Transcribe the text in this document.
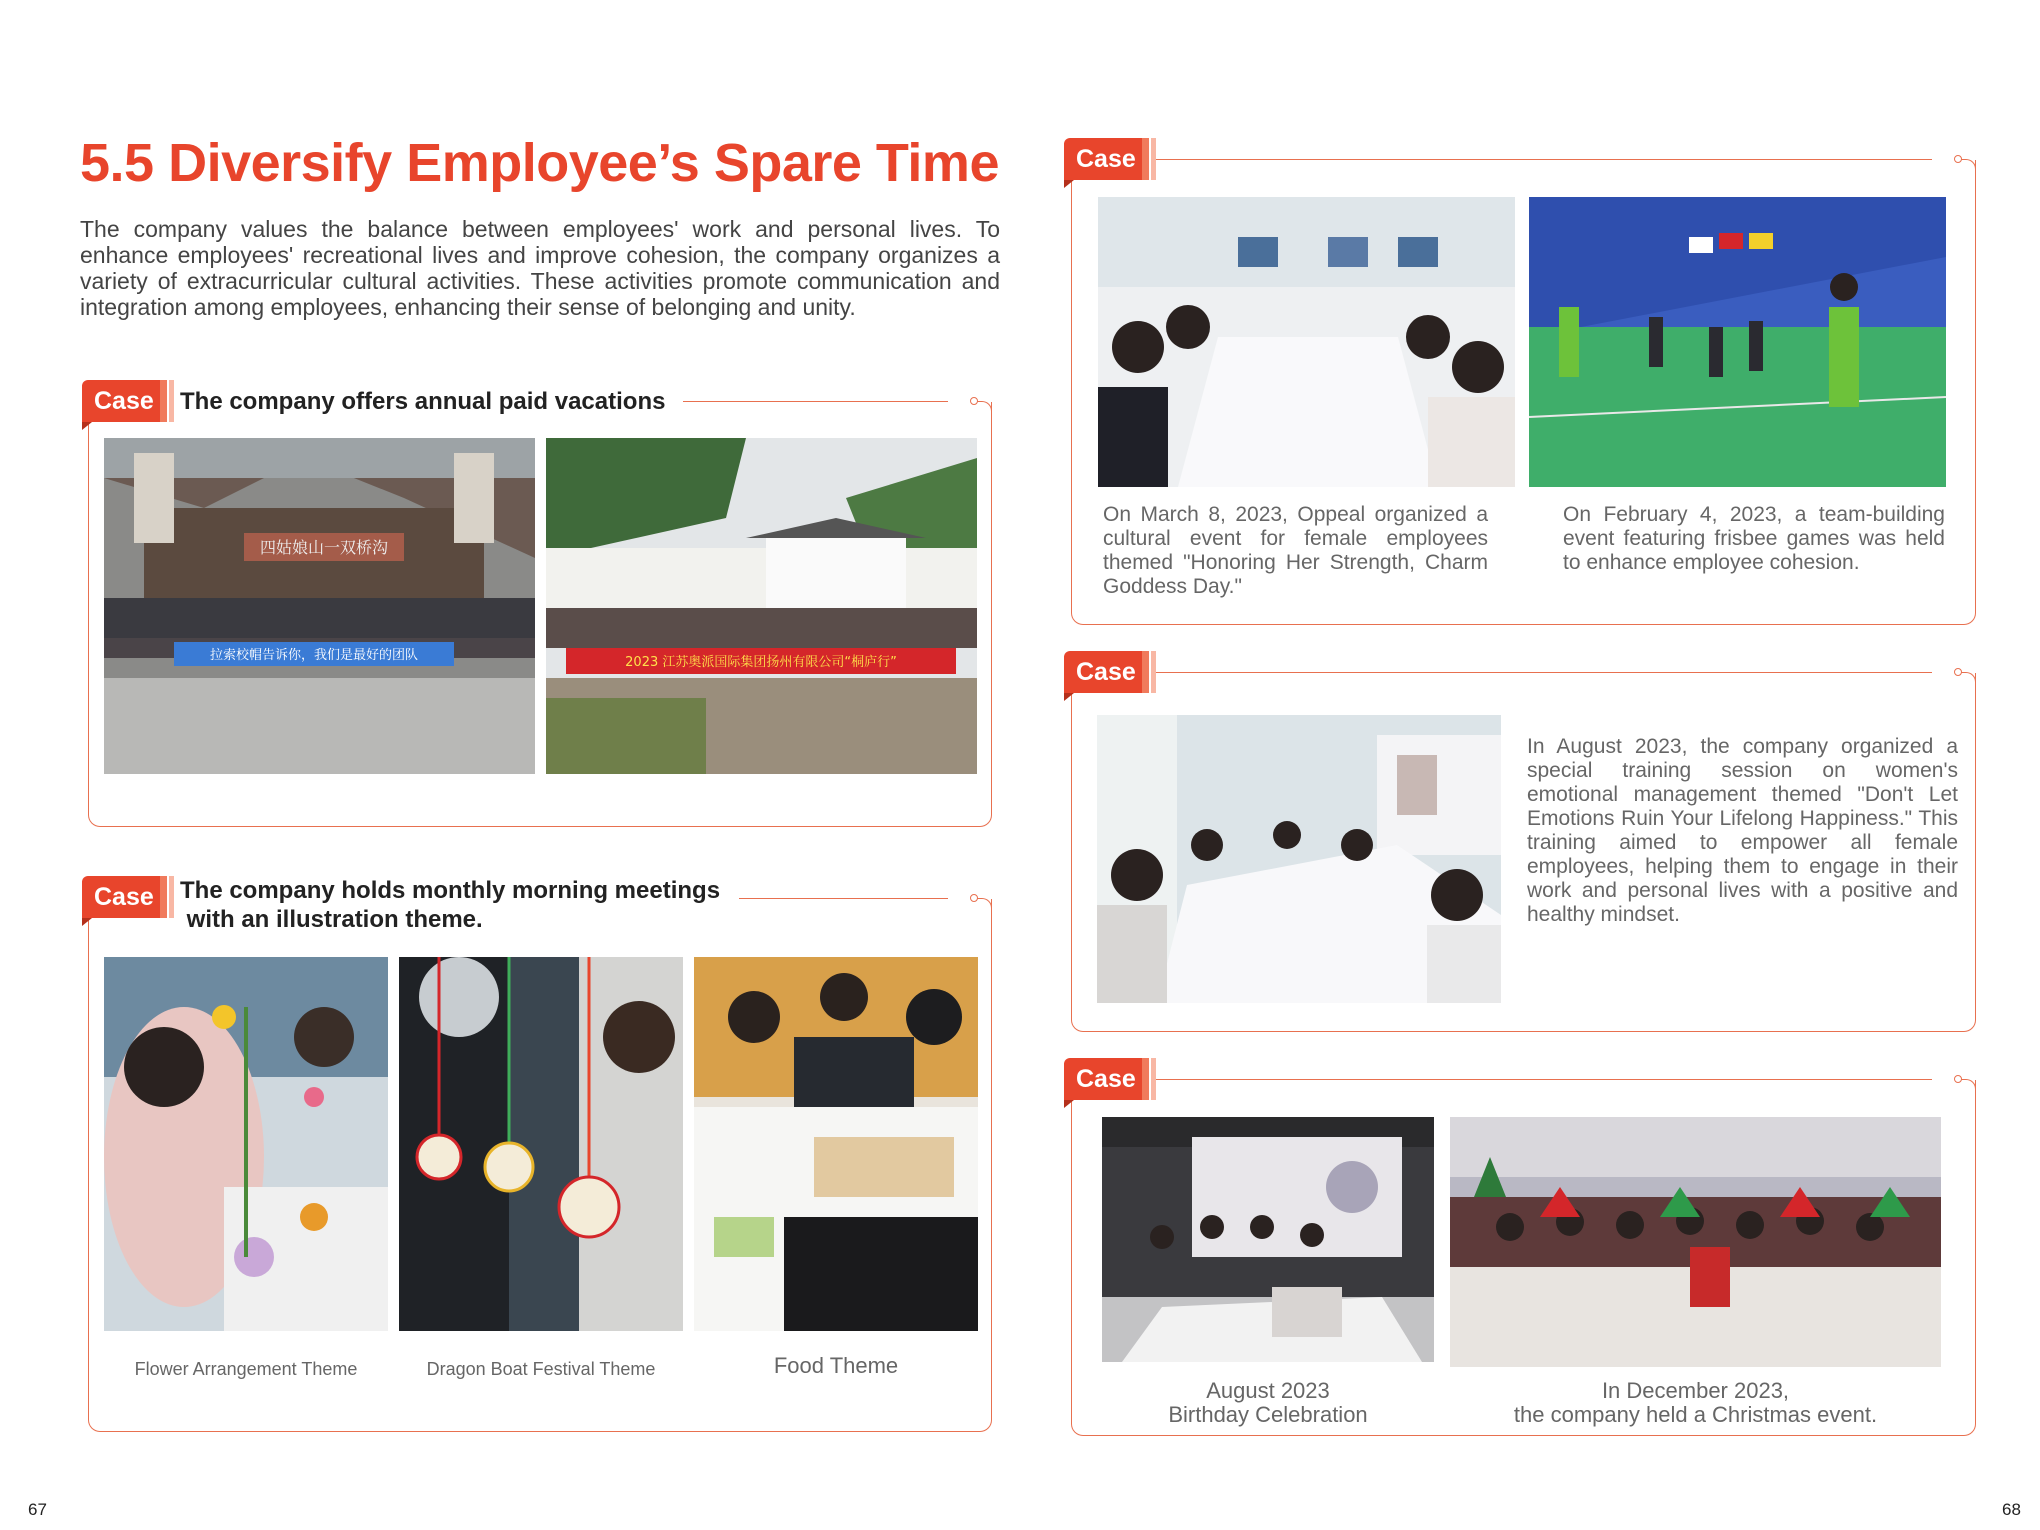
5.5 Diversify Employee’s Spare Time
The company values the balance between employees' work and personal lives. To enhance employees' recreational lives and improve cohesion, the company organizes a variety of extracurricular cultural activities. These activities promote communication and integration among employees, enhancing their sense of belonging and unity.
Case	The company offers annual paid vacations
四姑娘山一双桥沟
拉索校帽告诉你，我们是最好的团队	2023 江苏奥派国际集团扬州有限公司“桐庐行”
Case	The company holds monthly morning meetings
with an illustration theme.
Flower Arrangement Theme	Dragon Boat Festival Theme	Food Theme
Case
On March 8, 2023, Oppeal organized a cultural event for female employees themed "Honoring Her Strength, Charm Goddess Day."
On February 4, 2023, a team-building event featuring frisbee games was held to enhance employee cohesion.
Case
In August 2023, the company organized a special training session on women's emotional management themed "Don't Let Emotions Ruin Your Lifelong Happiness." This training aimed to empower all female employees, helping them to engage in their work and personal lives with a positive and healthy mindset.
Case
August 2023
Birthday Celebration
In December 2023,
the company held a Christmas event.
67	68
